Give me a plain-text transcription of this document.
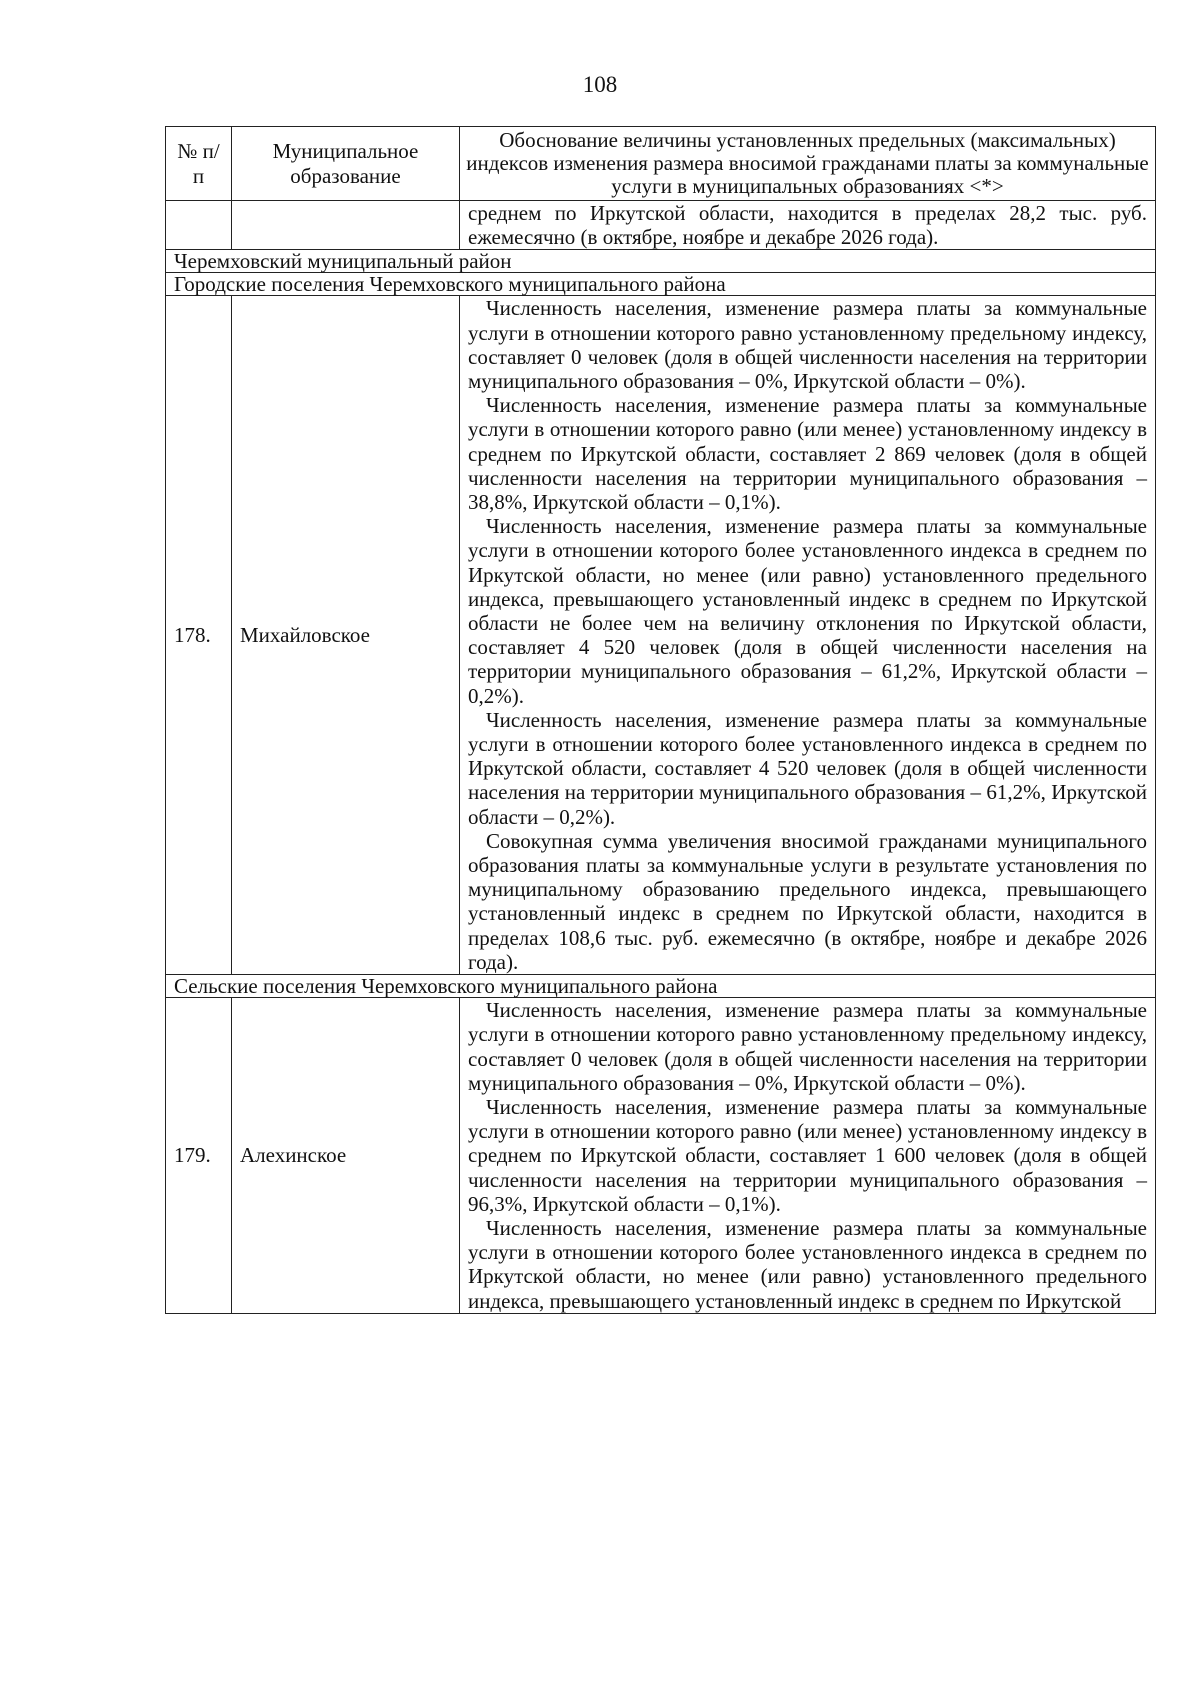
108
№ п/п	Муниципальное образование	Обоснование величины установленных предельных (максимальных) индексов изменения размера вносимой гражданами платы за коммунальные услуги в муниципальных образованиях <*>

		среднем по Иркутской области, находится в пределах 28,2 тыс. руб. ежемесячно (в октябре, ноябре и декабре 2026 года).

Черемховский муниципальный район		
Городские поселения Черемховского муниципального района		
178.	Михайловское	Численность населения, изменение размера платы за коммунальные услуги в отношении которого равно установленному предельному индексу, составляет 0 человек (доля в общей численности населения на территории муниципального образования – 0%, Иркутской области – 0%).

Численность населения, изменение размера платы за коммунальные услуги в отношении которого равно (или менее) установленному индексу в среднем по Иркутской области, составляет 2 869 человек (доля в общей численности населения на территории муниципального образования – 38,8%, Иркутской области – 0,1%).

Численность населения, изменение размера платы за коммунальные услуги в отношении которого более установленного индекса в среднем по Иркутской области, но менее (или равно) установленного предельного индекса, превышающего установленный индекс в среднем по Иркутской области не более чем на величину отклонения по Иркутской области, составляет 4 520 человек (доля в общей численности населения на территории муниципального образования – 61,2%, Иркутской области – 0,2%).

Численность населения, изменение размера платы за коммунальные услуги в отношении которого более установленного индекса в среднем по Иркутской области, составляет 4 520 человек (доля в общей численности населения на территории муниципального образования – 61,2%, Иркутской области – 0,2%).

Совокупная сумма увеличения вносимой гражданами муниципального образования платы за коммунальные услуги в результате установления по муниципальному образованию предельного индекса, превышающего установленный индекс в среднем по Иркутской области, находится в пределах 108,6 тыс. руб. ежемесячно (в октябре, ноябре и декабре 2026 года).

Сельские поселения Черемховского муниципального района		
179.	Алехинское	Численность населения, изменение размера платы за коммунальные услуги в отношении которого равно установленному предельному индексу, составляет 0 человек (доля в общей численности населения на территории муниципального образования – 0%, Иркутской области – 0%).

Численность населения, изменение размера платы за коммунальные услуги в отношении которого равно (или менее) установленному индексу в среднем по Иркутской области, составляет 1 600 человек (доля в общей численности населения на территории муниципального образования – 96,3%, Иркутской области – 0,1%).

Численность населения, изменение размера платы за коммунальные услуги в отношении которого более установленного индекса в среднем по Иркутской области, но менее (или равно) установленного предельного индекса, превышающего установленный индекс в среднем по Иркутской
